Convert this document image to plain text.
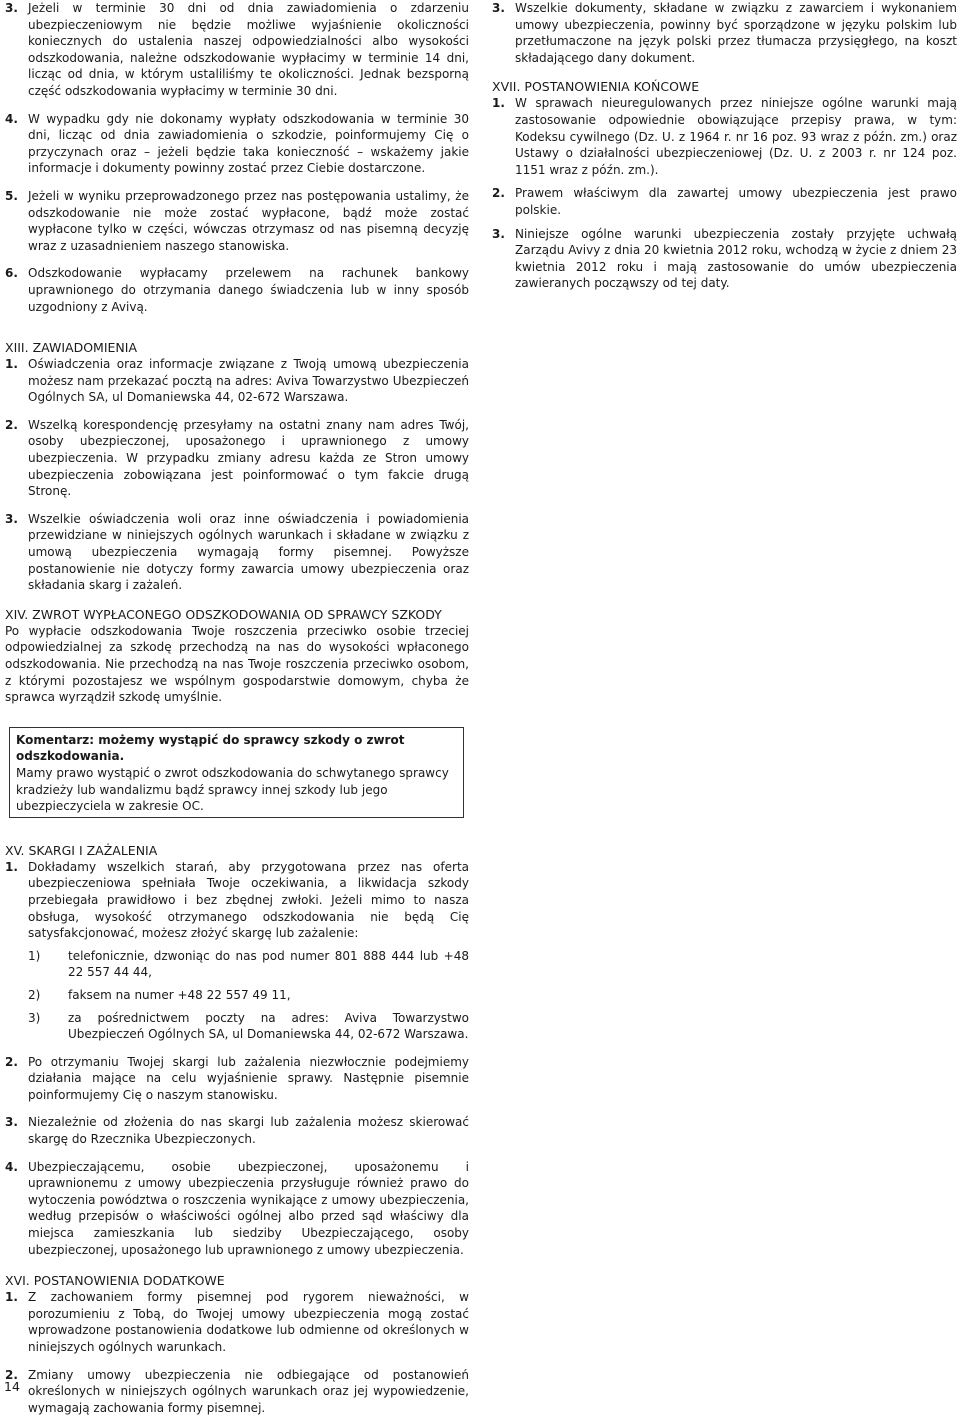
3. Jeżeli w terminie 30 dni od dnia zawiadomienia o zdarzeniu ubezpieczeniowym nie będzie możliwe wyjaśnienie okoliczności koniecznych do ustalenia naszej odpowiedzialności albo wysokości odszkodowania, należne odszkodowanie wypłacimy w terminie 14 dni, licząc od dnia, w którym ustaliliśmy te okoliczności. Jednak bezsporną część odszkodowania wypłacimy w terminie 30 dni.
4. W wypadku gdy nie dokonamy wypłaty odszkodowania w terminie 30 dni, licząc od dnia zawiadomienia o szkodzie, poinformujemy Cię o przyczynach oraz – jeżeli będzie taka konieczność – wskażemy jakie informacje i dokumenty powinny zostać przez Ciebie dostarczone.
5. Jeżeli w wyniku przeprowadzonego przez nas postępowania ustalimy, że odszkodowanie nie może zostać wypłacone, bądź może zostać wypłacone tylko w części, wówczas otrzymasz od nas pisemną decyzję wraz z uzasadnieniem naszego stanowiska.
6. Odszkodowanie wypłacamy przelewem na rachunek bankowy uprawnionego do otrzymania danego świadczenia lub w inny sposób uzgodniony z Avivą.
XIII. ZAWIADOMIENIA
1. Oświadczenia oraz informacje związane z Twoją umową ubezpieczenia możesz nam przekazać pocztą na adres: Aviva Towarzystwo Ubezpieczeń Ogólnych SA, ul Domaniewska 44, 02-672 Warszawa.
2. Wszelką korespondencję przesyłamy na ostatni znany nam adres Twój, osoby ubezpieczonej, uposażonego i uprawnionego z umowy ubezpieczenia. W przypadku zmiany adresu każda ze Stron umowy ubezpieczenia zobowiązana jest poinformować o tym fakcie drugą Stronę.
3. Wszelkie oświadczenia woli oraz inne oświadczenia i powiadomienia przewidziane w niniejszych ogólnych warunkach i składane w związku z umową ubezpieczenia wymagają formy pisemnej. Powyższe postanowienie nie dotyczy formy zawarcia umowy ubezpieczenia oraz składania skarg i zażaleń.
XIV. ZWROT WYPŁACONEGO ODSZKODOWANIA OD SPRAWCY SZKODY

Po wypłacie odszkodowania Twoje roszczenia przeciwko osobie trzeciej odpowiedzialnej za szkodę przechodzą na nas do wysokości wpłaconego odszkodowania. Nie przechodzą na nas Twoje roszczenia przeciwko osobom, z którymi pozostajesz we wspólnym gospodarstwie domowym, chyba że sprawca wyrządził szkodę umyślnie.

Komentarz: możemy wystąpić do sprawcy szkody o zwrot odszkodowania.
Mamy prawo wystąpić o zwrot odszkodowania do schwytanego sprawcy kradzieży lub wandalizmu bądź sprawcy innej szkody lub jego ubezpieczyciela w zakresie OC.
XV. SKARGI I ZAŻALENIA
1. Dokładamy wszelkich starań, aby przygotowana przez nas oferta ubezpieczeniowa spełniała Twoje oczekiwania, a likwidacja szkody przebiegała prawidłowo i bez zbędnej zwłoki. Jeżeli mimo to nasza obsługa, wysokość otrzymanego odszkodowania nie będą Cię satysfakcjonować, możesz złożyć skargę lub zażalenie:
1) telefonicznie, dzwoniąc do nas pod numer 801 888 444 lub +48 22 557 44 44,
2) faksem na numer +48 22 557 49 11,
3) za pośrednictwem poczty na adres: Aviva Towarzystwo Ubezpieczeń Ogólnych SA, ul Domaniewska 44, 02-672 Warszawa.
2. Po otrzymaniu Twojej skargi lub zażalenia niezwłocznie podejmiemy działania mające na celu wyjaśnienie sprawy. Następnie pisemnie poinformujemy Cię o naszym stanowisku.
3. Niezależnie od złożenia do nas skargi lub zażalenia możesz skierować skargę do Rzecznika Ubezpieczonych.
4. Ubezpieczającemu, osobie ubezpieczonej, uposażonemu i uprawnionemu z umowy ubezpieczenia przysługuje również prawo do wytoczenia powództwa o roszczenia wynikające z umowy ubezpieczenia, według przepisów o właściwości ogólnej albo przed sąd właściwy dla miejsca zamieszkania lub siedziby Ubezpieczającego, osoby ubezpieczonej, uposażonego lub uprawnionego z umowy ubezpieczenia.
XVI. POSTANOWIENIA DODATKOWE
1. Z zachowaniem formy pisemnej pod rygorem nieważności, w porozumieniu z Tobą, do Twojej umowy ubezpieczenia mogą zostać wprowadzone postanowienia dodatkowe lub odmienne od określonych w niniejszych ogólnych warunkach.
2. Zmiany umowy ubezpieczenia nie odbiegające od postanowień określonych w niniejszych ogólnych warunkach oraz jej wypowiedzenie, wymagają zachowania formy pisemnej.
3. Wszelkie dokumenty, składane w związku z zawarciem i wykonaniem umowy ubezpieczenia, powinny być sporządzone w języku polskim lub przetłumaczone na język polski przez tłumacza przysięgłego, na koszt składającego dany dokument.
XVII. POSTANOWIENIA KOŃCOWE
1. W sprawach nieuregulowanych przez niniejsze ogólne warunki mają zastosowanie odpowiednie obowiązujące przepisy prawa, w tym: Kodeksu cywilnego (Dz. U. z 1964 r. nr 16 poz. 93 wraz z późn. zm.) oraz Ustawy o działalności ubezpieczeniowej (Dz. U. z 2003 r. nr 124 poz. 1151 wraz z późn. zm.).
2. Prawem właściwym dla zawartej umowy ubezpieczenia jest prawo polskie.
3. Niniejsze ogólne warunki ubezpieczenia zostały przyjęte uchwałą Zarządu Avivy z dnia 20 kwietnia 2012 roku, wchodzą w życie z dniem 23 kwietnia 2012 roku i mają zastosowanie do umów ubezpieczenia zawieranych począwszy od tej daty.
14
